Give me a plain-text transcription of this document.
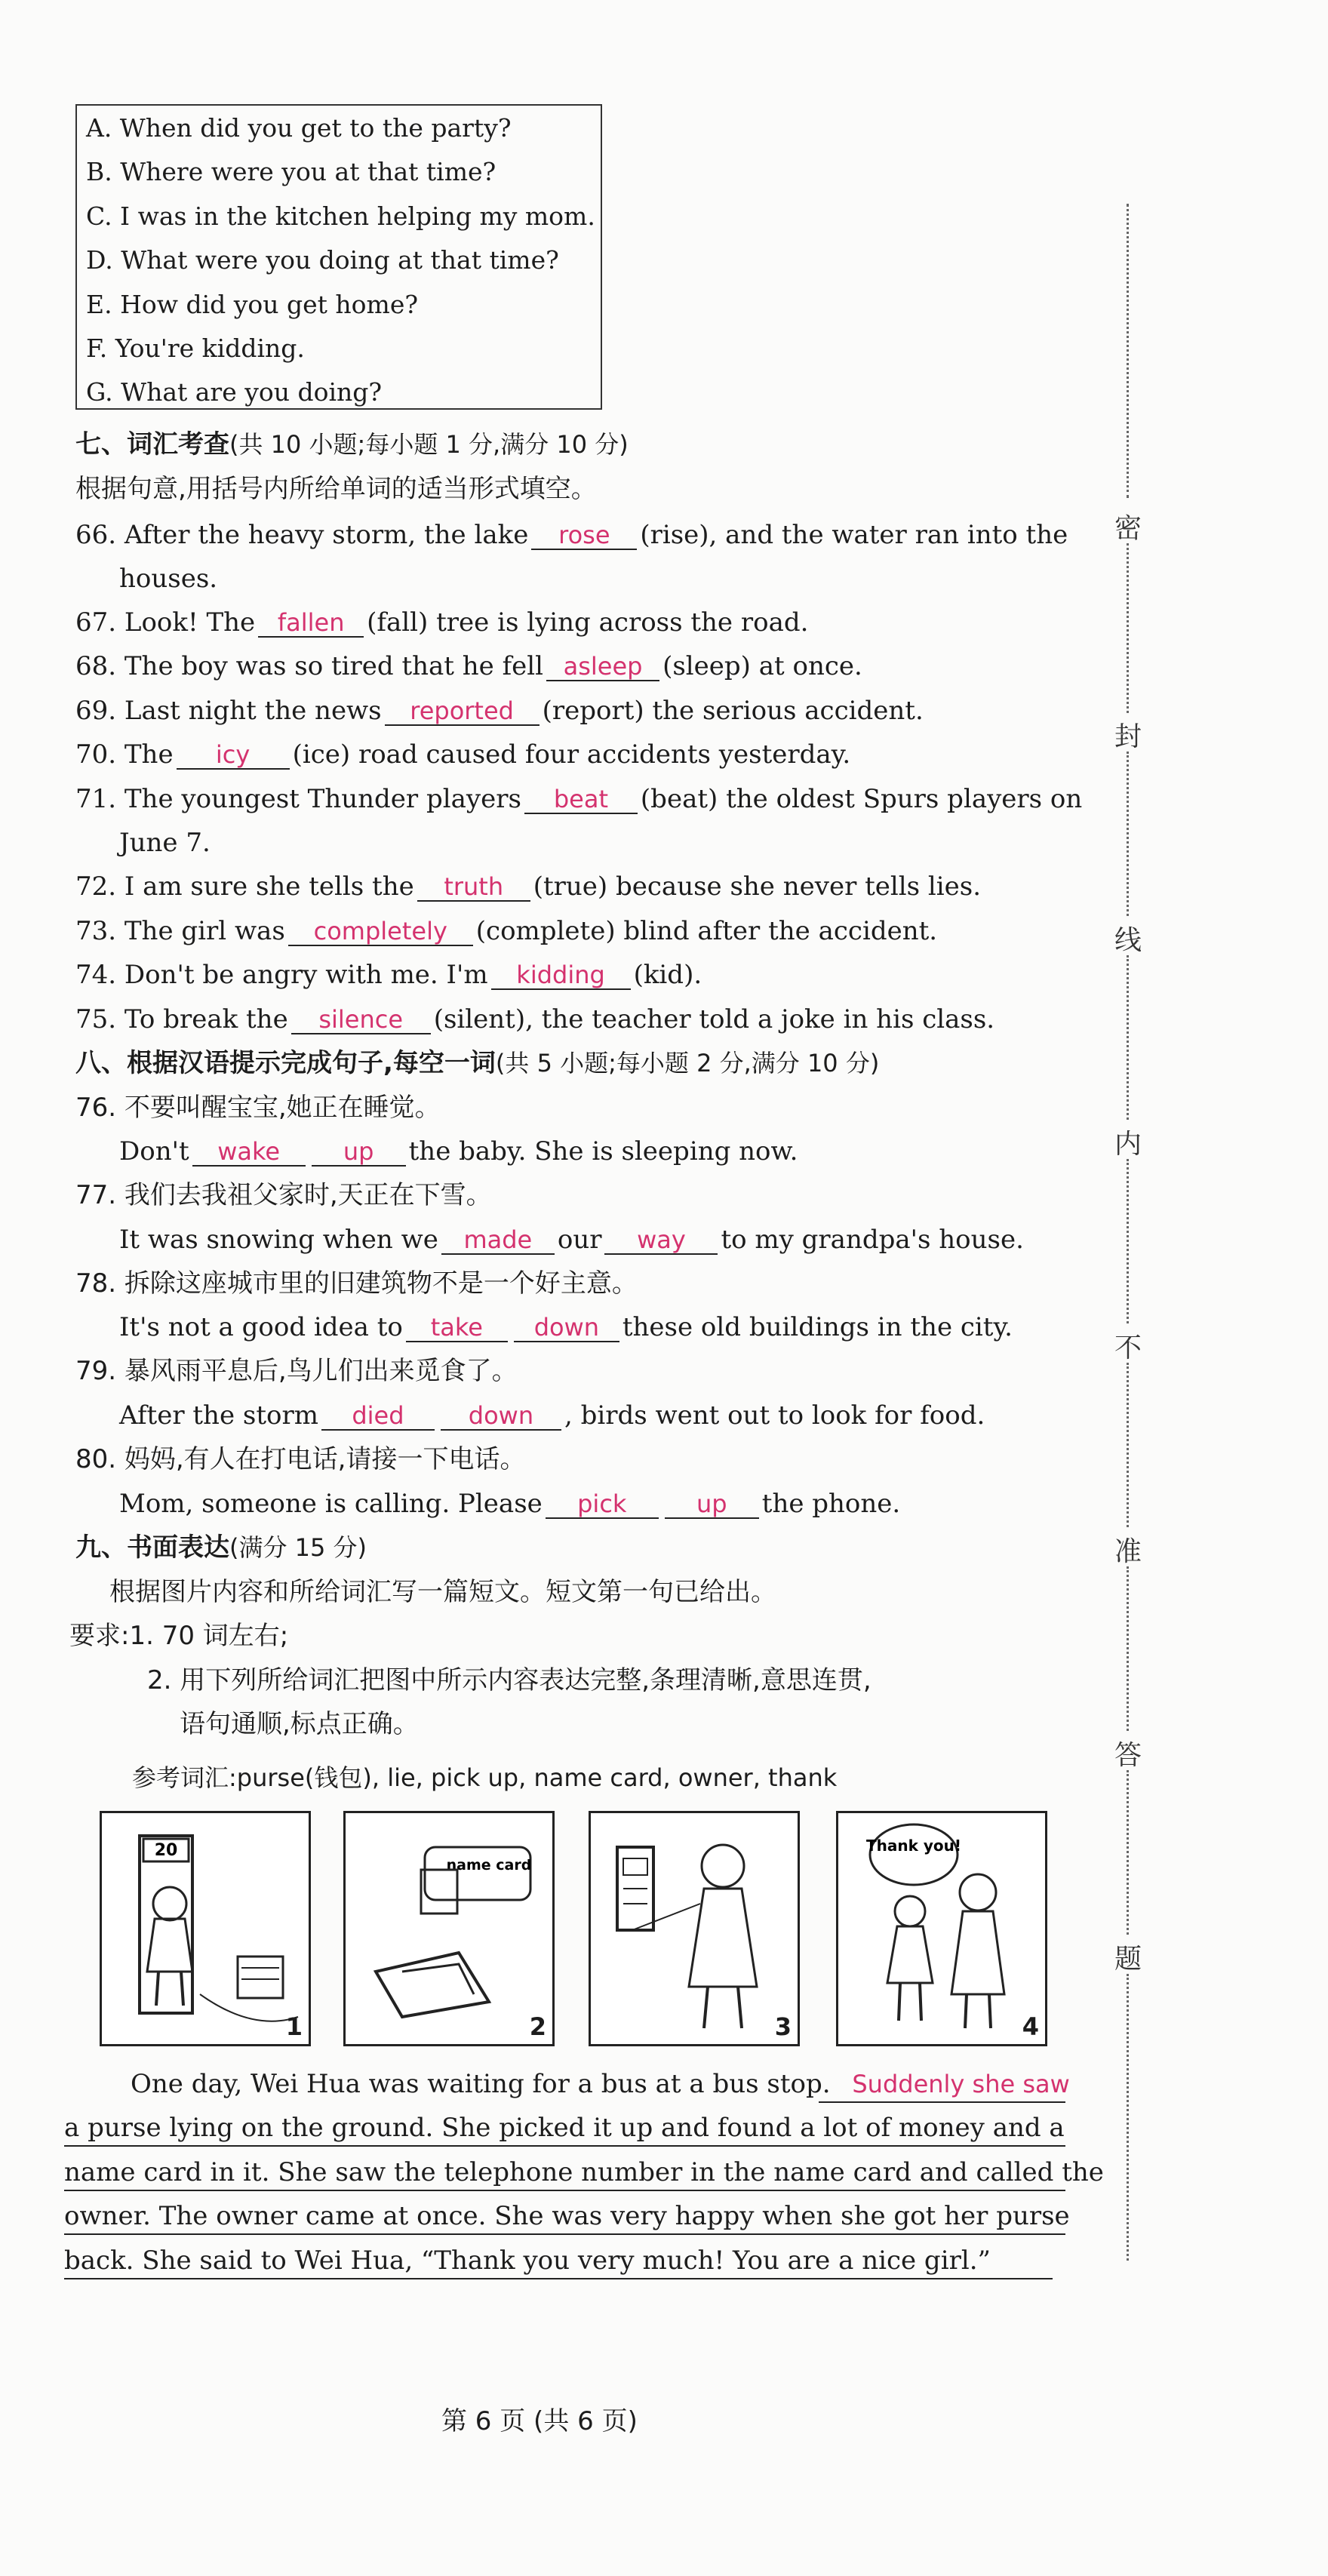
A. When did you get to the party?
B. Where were you at that time?
C. I was in the kitchen helping my mom.
D. What were you doing at that time?
E. How did you get home?
F. You're kidding.
G. What are you doing?
七、词汇考查(共 10 小题;每小题 1 分,满分 10 分)
根据句意,用括号内所给单词的适当形式填空。
66. After the heavy storm, the lake rose (rise), and the water ran into the
houses.
67. Look! The fallen (fall) tree is lying across the road.
68. The boy was so tired that he fell asleep (sleep) at once.
69. Last night the news reported (report) the serious accident.
70. The icy (ice) road caused four accidents yesterday.
71. The youngest Thunder players beat (beat) the oldest Spurs players on
June 7.
72. I am sure she tells the truth (true) because she never tells lies.
73. The girl was completely (complete) blind after the accident.
74. Don't be angry with me. I'm kidding (kid).
75. To break the silence (silent), the teacher told a joke in his class.
八、根据汉语提示完成句子,每空一词(共 5 小题;每小题 2 分,满分 10 分)
76. 不要叫醒宝宝,她正在睡觉。
Don't wake	up the baby. She is sleeping now.
77. 我们去我祖父家时,天正在下雪。
It was snowing when we made our way to my grandpa's house.
78. 拆除这座城市里的旧建筑物不是一个好主意。
It's not a good idea to take down these old buildings in the city.
79. 暴风雨平息后,鸟儿们出来觅食了。
After the storm died	down , birds went out to look for food.
80. 妈妈,有人在打电话,请接一下电话。
Mom, someone is calling. Please pick	up the phone.
九、书面表达(满分 15 分)
根据图片内容和所给词汇写一篇短文。短文第一句已给出。
要求:1. 70 词左右;
2. 用下列所给词汇把图中所示内容表达完整,条理清晰,意思连贯,
语句通顺,标点正确。
参考词汇:purse(钱包), lie, pick up, name card, owner, thank
20
1
name card
2	3
Thank you!
4
One day, Wei Hua was waiting for a bus at a bus stop. Suddenly she saw
a purse lying on the ground. She picked it up and found a lot of money and a
name card in it. She saw the telephone number in the name card and called the
owner. The owner came at once. She was very happy when she got her purse
back. She said to Wei Hua, “Thank you very much! You are a nice girl.”
密
封
线
内
不
准
答
题
第 6 页 (共 6 页)
